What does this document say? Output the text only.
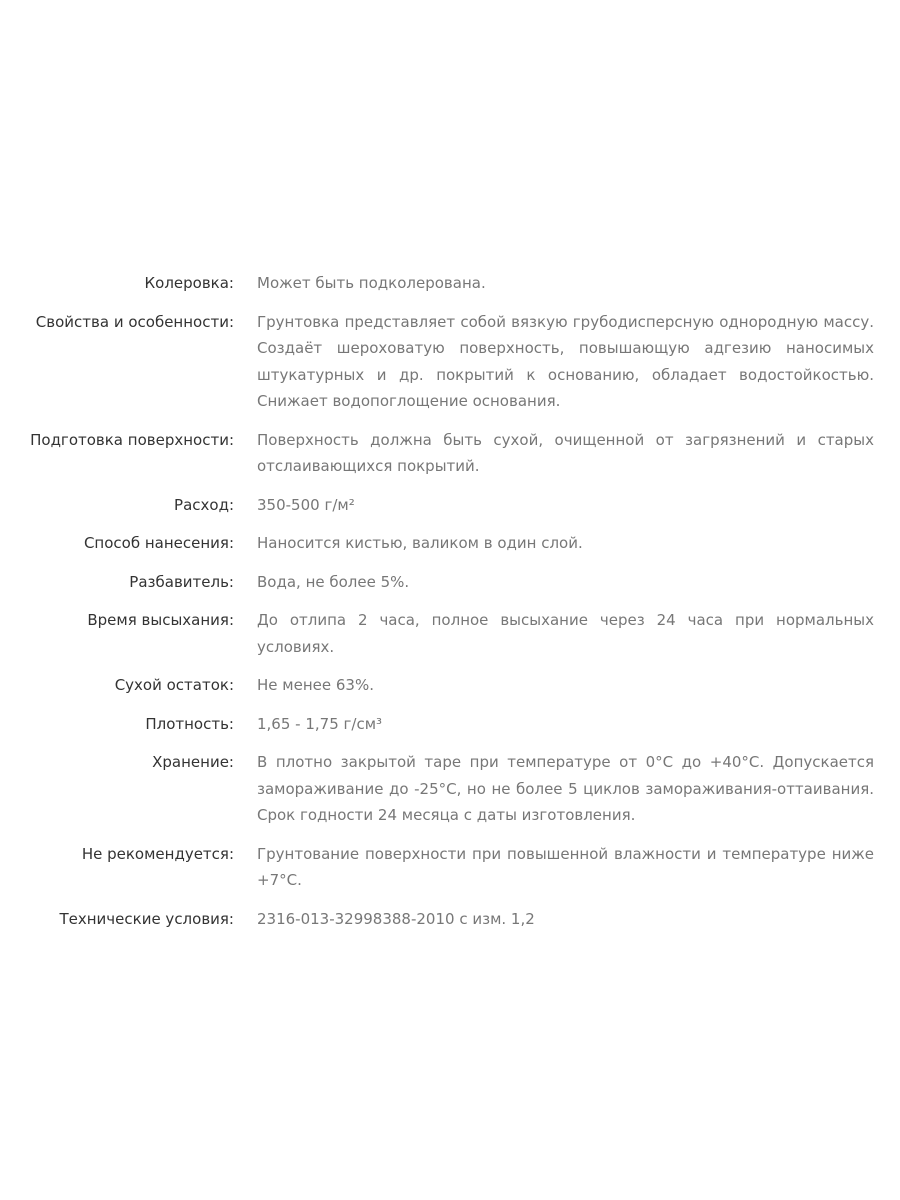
Колеровка:	Может быть подколерована.
Свойства и особенности:	Грунтовка представляет собой вязкую грубодисперсную однородную массу. Создаёт шероховатую поверхность, повышающую адгезию наносимых штукатурных и др. покрытий к основанию, обладает водостойкостью. Снижает водопоглощение основания.
Подготовка поверхности:	Поверхность должна быть сухой, очищенной от загрязнений и старых отслаивающихся покрытий.
Расход:	350-500 г/м²
Способ нанесения:	Наносится кистью, валиком в один слой.
Разбавитель:	Вода, не более 5%.
Время высыхания:	До отлипа 2 часа, полное высыхание через 24 часа при нормальных условиях.
Сухой остаток:	Не менее 63%.
Плотность:	1,65 - 1,75 г/см³
Хранение:	В плотно закрытой таре при температуре от 0°С до +40°С. Допускается замораживание до -25°С, но не более 5 циклов замораживания-оттаивания. Срок годности 24 месяца с даты изготовления.
Не рекомендуется:	Грунтование поверхности при повышенной влажности и температуре ниже +7°С.
Технические условия:	2316-013-32998388-2010 с изм. 1,2
